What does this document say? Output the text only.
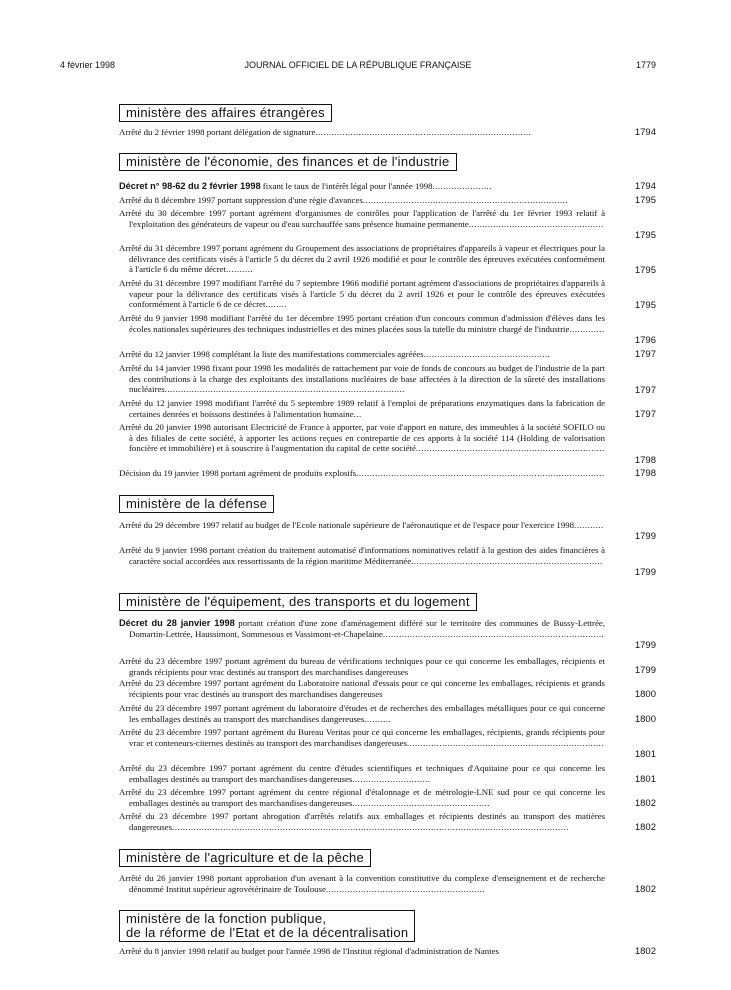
4 février 1998	JOURNAL OFFICIEL DE LA RÉPUBLIQUE FRANÇAISE	1779
ministère des affaires étrangères
Arrêté du 2 février 1998 portant délégation de signature................................................................................	1794
ministère de l'économie, des finances et de l'industrie
Décret n° 98-62 du 2 février 1998 fixant le taux de l'intérêt légal pour l'année 1998......................	1794
Arrêté du 8 décembre 1997 portant suppression d'une régie d'avances............................................................................	1795
Arrêté du 30 décembre 1997 portant agrément d'organismes de contrôles pour l'application de l'arrêté du 1er février 1993 relatif à l'exploitation des générateurs de vapeur ou d'eau surchauffée sans présence humaine permanente..................................................
1795
Arrêté du 31 décembre 1997 portant agrément du Groupement des associations de propriétaires d'appareils à vapeur et électriques pour la délivrance des certificats visés à l'article 5 du décret du 2 avril 1926 modifié et pour le contrôle des épreuves exécutées conformément à l'article 6 du même décret..........	1795
Arrêté du 31 décembre 1997 modifiant l'arrêté du 7 septembre 1966 modifié portant agrément d'associations de propriétaires d'appareils à vapeur pour la délivrance des certificats visés à l'article 5 du décret du 2 avril 1926 et pour le contrôle des épreuves exécutées conformément à l'article 6 de ce décret........	1795
Arrêté du 9 janvier 1998 modifiant l'arrêté du 1er décembre 1995 portant création d'un concours commun d'admission d'élèves dans les écoles nationales supérieures des techniques industrielles et des mines placées sous la tutelle du ministre chargé de l'industrie.............
1796
Arrêté du 12 janvier 1998 complétant la liste des manifestations commerciales agréées...............................................	1797
Arrêté du 14 janvier 1998 fixant pour 1998 les modalités de rattachement par voie de fonds de concours au budget de l'industrie de la part des contributions à la charge des exploitants des installations nucléaires de base affectées à la direction de la sûreté des installations nucléaires.........................................................................................	1797
Arrêté du 12 janvier 1998 modifiant l'arrêté du 5 septembre 1989 relatif à l'emploi de préparations enzymatiques dans la fabrication de certaines denrées et boissons destinées à l'alimentation humaine...	1797
Arrêté du 20 janvier 1998 autorisant Electricité de France à apporter, par voie d'apport en nature, des immeubles à la société SOFILO ou à des filiales de cette société, à apporter les actions reçues en contrepartie de ces apports à la société 114 (Holding de valorisation foncière et immobilière) et à souscrire à l'augmentation du capital de cette société......................................................................
1798
Décision du 19 janvier 1998 portant agrément de produits explosifs............................................................................................	1798
ministère de la défense
Arrêté du 29 décembre 1997 relatif au budget de l'Ecole nationale supérieure de l'aéronautique et de l'espace pour l'exercice 1998...........
1799
Arrêté du 9 janvier 1998 portant création du traitement automatisé d'informations nominatives relatif à la gestion des aides financières à caractère social accordées aux ressortissants de la région maritime Méditerranée.......................................................................
1799
ministère de l'équipement, des transports et du logement
Décret du 28 janvier 1998 portant création d'une zone d'aménagement différé sur le territoire des communes de Bussy-Lettrée, Domartin-Lettrée, Haussimont, Sommesous et Vassimont-et-Chapelaine..................................................................................
1799
Arrêté du 23 décembre 1997 portant agrément du bureau de vérifications techniques pour ce qui concerne les emballages, récipients et grands récipients pour vrac destinés au transport des marchandises dangereuses	1799
Arrêté du 23 décembre 1997 portant agrément du Laboratoire national d'essais pour ce qui concerne les emballages, récipients et grands récipients pour vrac destinés au transport des marchandises dangereuses	1800
Arrêté du 23 décembre 1997 portant agrément du laboratoire d'études et de recherches des emballages métalliques pour ce qui concerne les emballages destinés au transport des marchandises dangereuses..........	1800
Arrêté du 23 décembre 1997 portant agrément du Bureau Veritas pour ce qui concerne les emballages, récipients, grands récipients pour vrac et conteneurs-citernes destinés au transport des marchandises dangereuses.........................................................................
1801
Arrêté du 23 décembre 1997 portant agrément du centre d'études scientifiques et techniques d'Aquitaine pour ce qui concerne les emballages destinés au transport des marchandises dangereuses.............................	1801
Arrêté du 23 décembre 1997 portant agrément du centre régional d'étalonnage et de métrologie-LNE sud pour ce qui concerne les emballages destinés au transport des marchandises dangereuses...................................................	1802
Arrêté du 23 décembre 1997 portant abrogation d'arrêtés relatifs aux emballages et récipients destinés au transport des matières dangereuses...................................................................................................................................................	1802
ministère de l'agriculture et de la pêche
Arrêté du 26 janvier 1998 portant approbation d'un avenant à la convention constitutive du complexe d'enseignement et de recherche dénommé Institut supérieur agrovétérinaire de Toulouse...........................................................	1802
ministère de la fonction publique,
de la réforme de l'Etat et de la décentralisation
Arrêté du 8 janvier 1998 relatif au budget pour l'année 1998 de l'Institut régional d'administration de Nantes	1802
